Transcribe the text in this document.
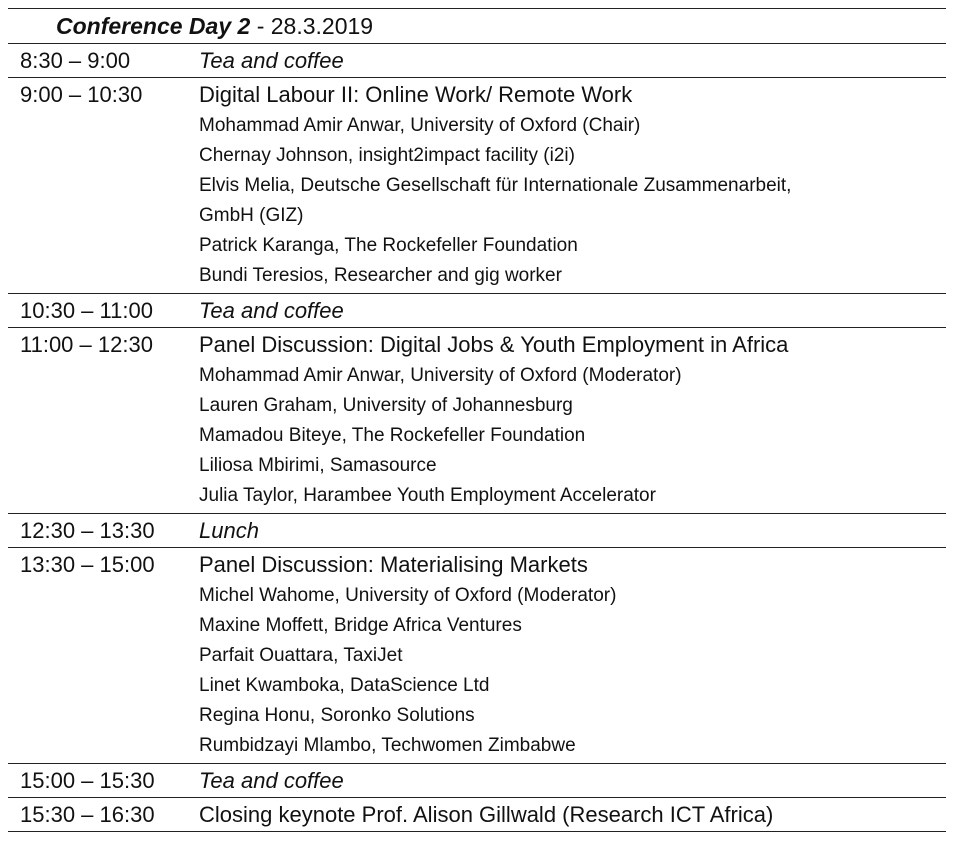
Conference Day 2 - 28.3.2019
8:30 – 9:00	Tea and coffee
9:00 – 10:30	Digital Labour II: Online Work/ Remote Work
Mohammad Amir Anwar, University of Oxford (Chair)
Chernay Johnson, insight2impact facility (i2i)
Elvis Melia, Deutsche Gesellschaft für Internationale Zusammenarbeit,
GmbH (GIZ)
Patrick Karanga, The Rockefeller Foundation
Bundi Teresios, Researcher and gig worker
10:30 – 11:00 Tea and coffee
11:00 – 12:30 Panel Discussion: Digital Jobs & Youth Employment in Africa
Mohammad Amir Anwar, University of Oxford (Moderator)
Lauren Graham, University of Johannesburg
Mamadou Biteye, The Rockefeller Foundation
Liliosa Mbirimi, Samasource
Julia Taylor, Harambee Youth Employment Accelerator
12:30 – 13:30 Lunch
13:30 – 15:00 Panel Discussion: Materialising Markets
Michel Wahome, University of Oxford (Moderator)
Maxine Moffett, Bridge Africa Ventures
Parfait Ouattara, TaxiJet
Linet Kwamboka, DataScience Ltd
Regina Honu, Soronko Solutions
Rumbidzayi Mlambo, Techwomen Zimbabwe
15:00 – 15:30 Tea and coffee
15:30 – 16:30 Closing keynote Prof. Alison Gillwald (Research ICT Africa)
